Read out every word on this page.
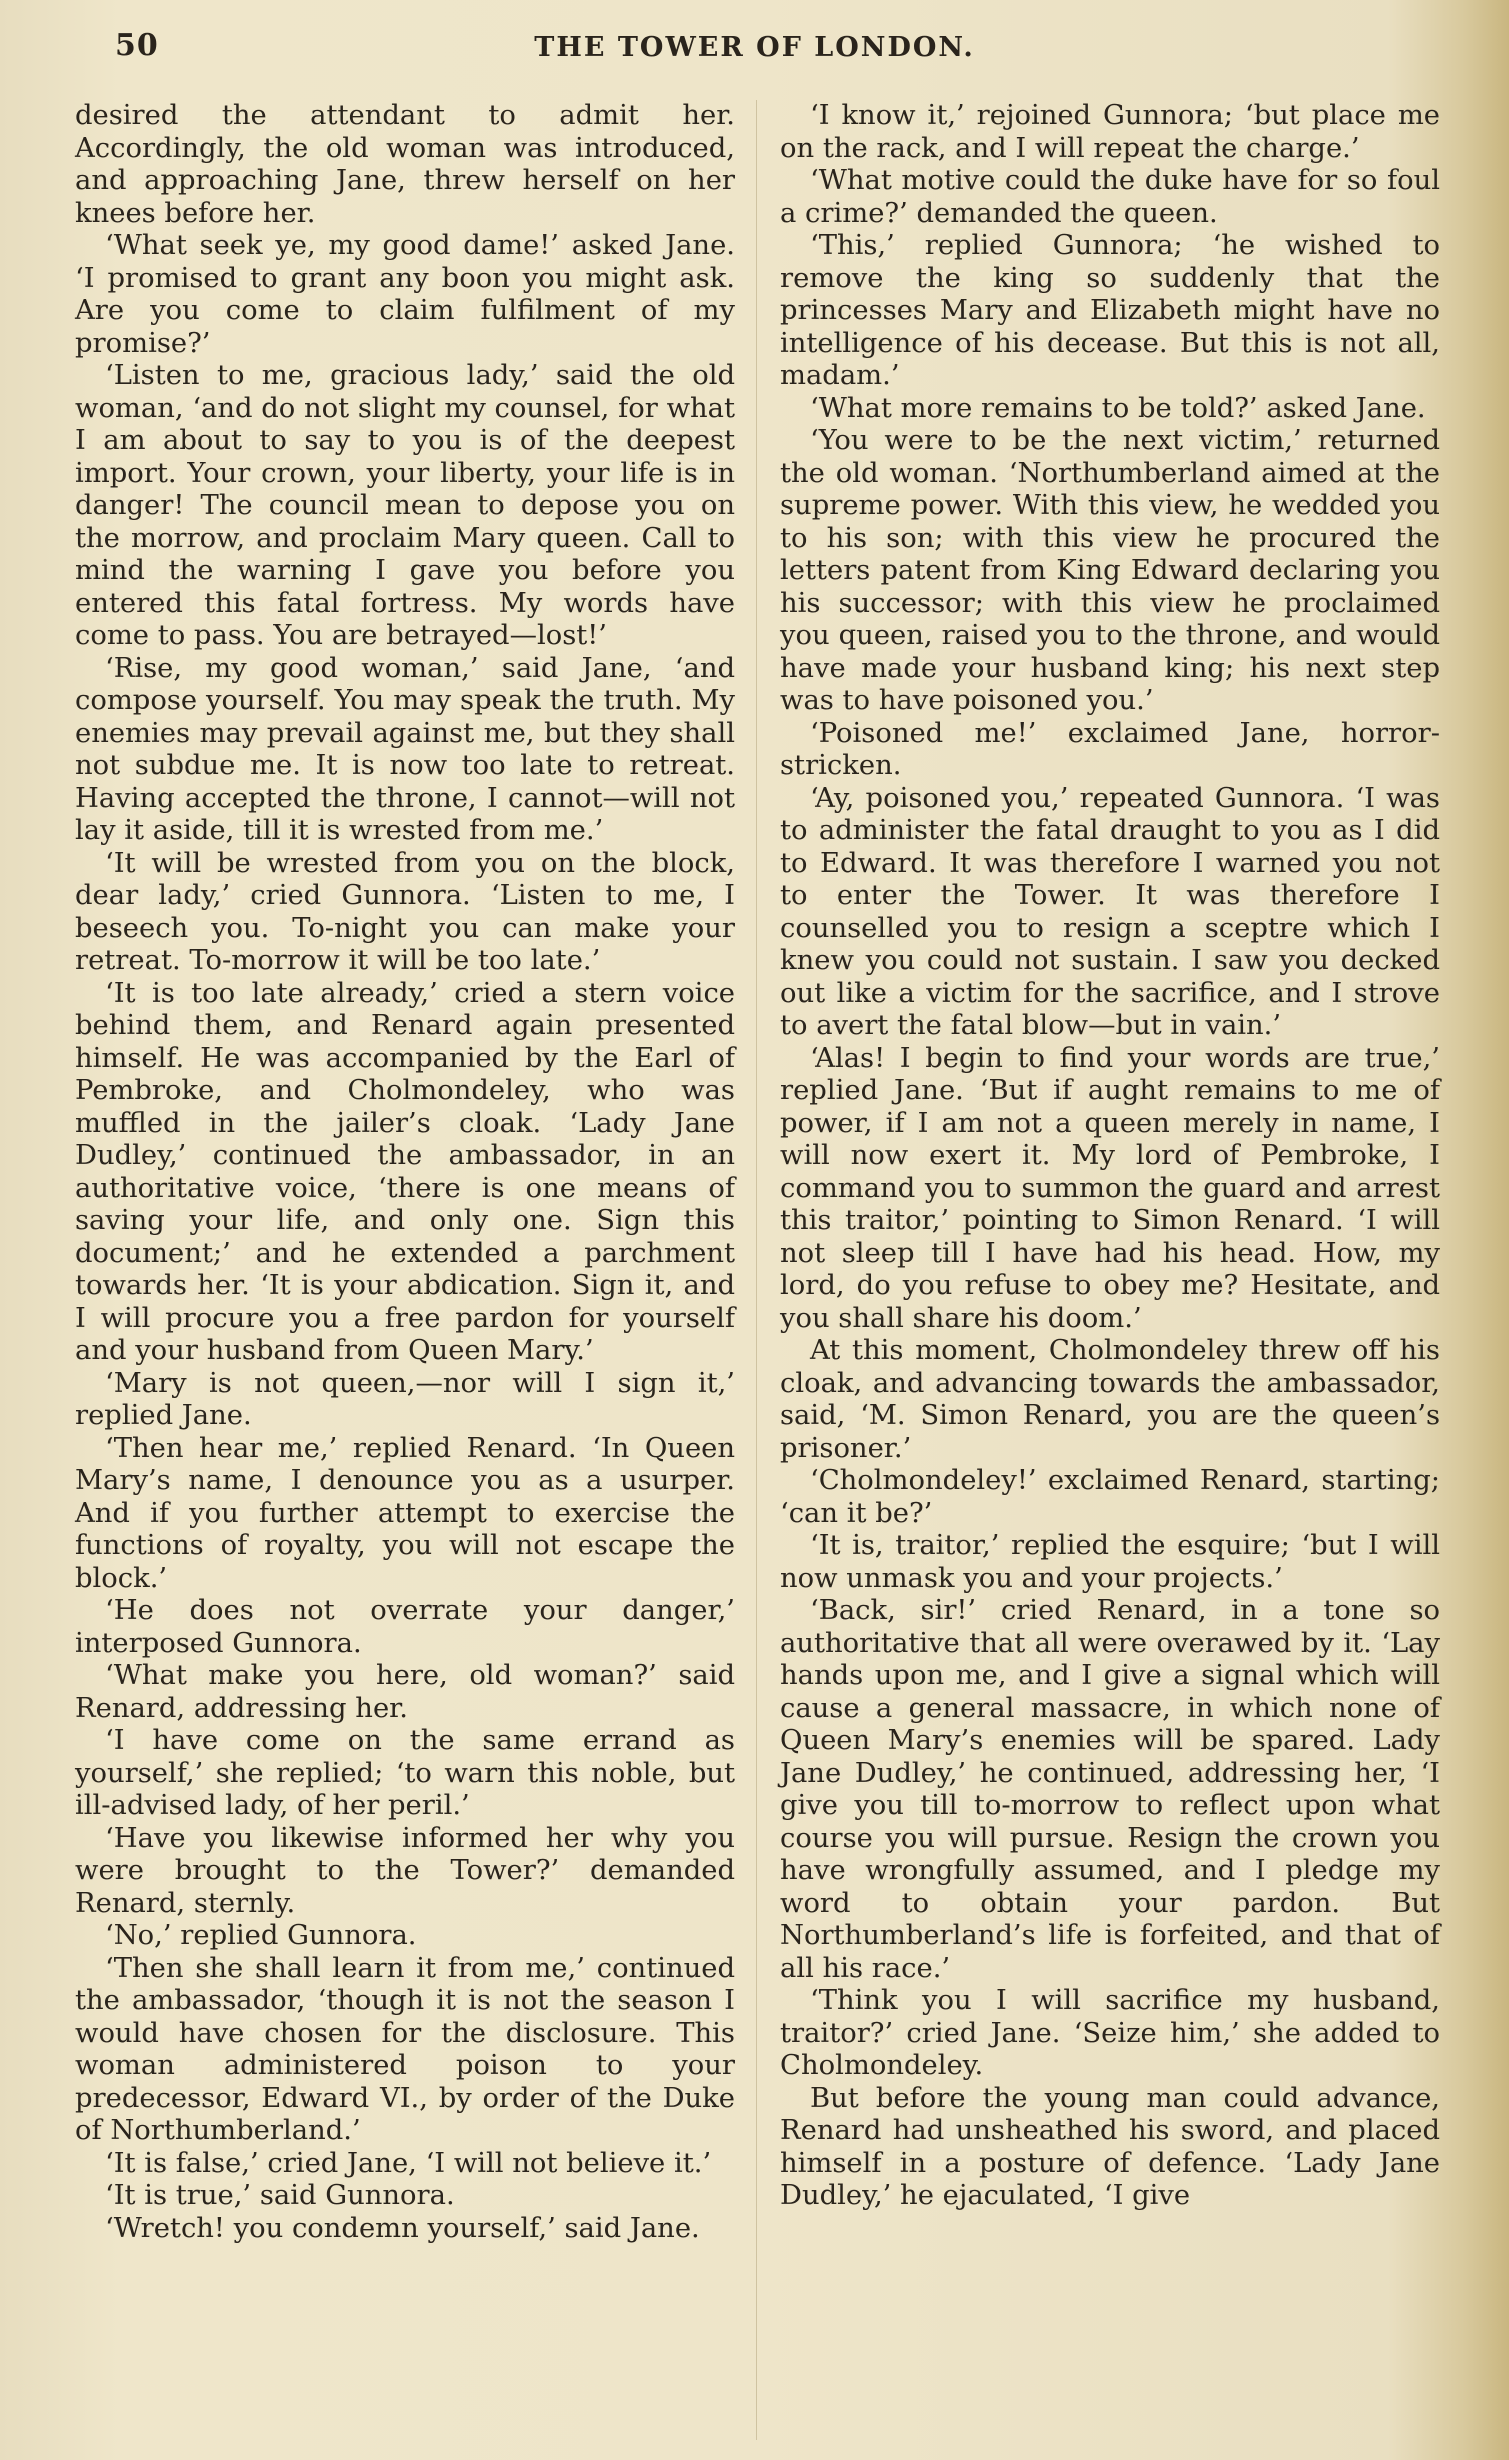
50	THE TOWER OF LONDON.

desired the attendant to admit her. Accordingly, the old woman was introduced, and approaching Jane, threw herself on her knees before her.

‘What seek ye, my good dame!’ asked Jane. ‘I promised to grant any boon you might ask. Are you come to claim fulfilment of my promise?’

‘Listen to me, gracious lady,’ said the old woman, ‘and do not slight my counsel, for what I am about to say to you is of the deepest import. Your crown, your liberty, your life is in danger! The council mean to depose you on the morrow, and proclaim Mary queen. Call to mind the warning I gave you before you entered this fatal fortress. My words have come to pass. You are betrayed—lost!’

‘Rise, my good woman,’ said Jane, ‘and compose yourself. You may speak the truth. My enemies may prevail against me, but they shall not subdue me. It is now too late to retreat. Having accepted the throne, I cannot—will not lay it aside, till it is wrested from me.’

‘It will be wrested from you on the block, dear lady,’ cried Gunnora. ‘Listen to me, I beseech you. To-night you can make your retreat. To-morrow it will be too late.’

‘It is too late already,’ cried a stern voice behind them, and Renard again presented himself. He was accompanied by the Earl of Pembroke, and Cholmondeley, who was muffled in the jailer’s cloak. ‘Lady Jane Dudley,’ continued the ambassador, in an authoritative voice, ‘there is one means of saving your life, and only one. Sign this document;’ and he extended a parchment towards her. ‘It is your abdication. Sign it, and I will procure you a free pardon for yourself and your husband from Queen Mary.’

‘Mary is not queen,—nor will I sign it,’ replied Jane.

‘Then hear me,’ replied Renard. ‘In Queen Mary’s name, I denounce you as a usurper. And if you further attempt to exercise the functions of royalty, you will not escape the block.’

‘He does not overrate your danger,’ interposed Gunnora.

‘What make you here, old woman?’ said Renard, addressing her.

‘I have come on the same errand as yourself,’ she replied; ‘to warn this noble, but ill-advised lady, of her peril.’

‘Have you likewise informed her why you were brought to the Tower?’ demanded Renard, sternly.

‘No,’ replied Gunnora.

‘Then she shall learn it from me,’ continued the ambassador, ‘though it is not the season I would have chosen for the disclosure. This woman administered poison to your predecessor, Edward VI., by order of the Duke of Northumberland.’

‘It is false,’ cried Jane, ‘I will not believe it.’

‘It is true,’ said Gunnora.

‘Wretch! you condemn yourself,’ said Jane.

‘I know it,’ rejoined Gunnora; ‘but place me on the rack, and I will repeat the charge.’

‘What motive could the duke have for so foul a crime?’ demanded the queen.

‘This,’ replied Gunnora; ‘he wished to remove the king so suddenly that the princesses Mary and Elizabeth might have no intelligence of his decease. But this is not all, madam.’

‘What more remains to be told?’ asked Jane.

‘You were to be the next victim,’ returned the old woman. ‘Northumberland aimed at the supreme power. With this view, he wedded you to his son; with this view he procured the letters patent from King Edward declaring you his successor; with this view he proclaimed you queen, raised you to the throne, and would have made your husband king; his next step was to have poisoned you.’

‘Poisoned me!’ exclaimed Jane, horror-stricken.

‘Ay, poisoned you,’ repeated Gunnora. ‘I was to administer the fatal draught to you as I did to Edward. It was therefore I warned you not to enter the Tower. It was therefore I counselled you to resign a sceptre which I knew you could not sustain. I saw you decked out like a victim for the sacrifice, and I strove to avert the fatal blow—but in vain.’

‘Alas! I begin to find your words are true,’ replied Jane. ‘But if aught remains to me of power, if I am not a queen merely in name, I will now exert it. My lord of Pembroke, I command you to summon the guard and arrest this traitor,’ pointing to Simon Renard. ‘I will not sleep till I have had his head. How, my lord, do you refuse to obey me? Hesitate, and you shall share his doom.’

At this moment, Cholmondeley threw off his cloak, and advancing towards the ambassador, said, ‘M. Simon Renard, you are the queen’s prisoner.’

‘Cholmondeley!’ exclaimed Renard, starting; ‘can it be?’

‘It is, traitor,’ replied the esquire; ‘but I will now unmask you and your projects.’

‘Back, sir!’ cried Renard, in a tone so authoritative that all were overawed by it. ‘Lay hands upon me, and I give a signal which will cause a general massacre, in which none of Queen Mary’s enemies will be spared. Lady Jane Dudley,’ he continued, addressing her, ‘I give you till to-morrow to reflect upon what course you will pursue. Resign the crown you have wrongfully assumed, and I pledge my word to obtain your pardon. But Northumberland’s life is forfeited, and that of all his race.’

‘Think you I will sacrifice my husband, traitor?’ cried Jane. ‘Seize him,’ she added to Cholmondeley.

But before the young man could advance, Renard had unsheathed his sword, and placed himself in a posture of defence. ‘Lady Jane Dudley,’ he ejaculated, ‘I give
